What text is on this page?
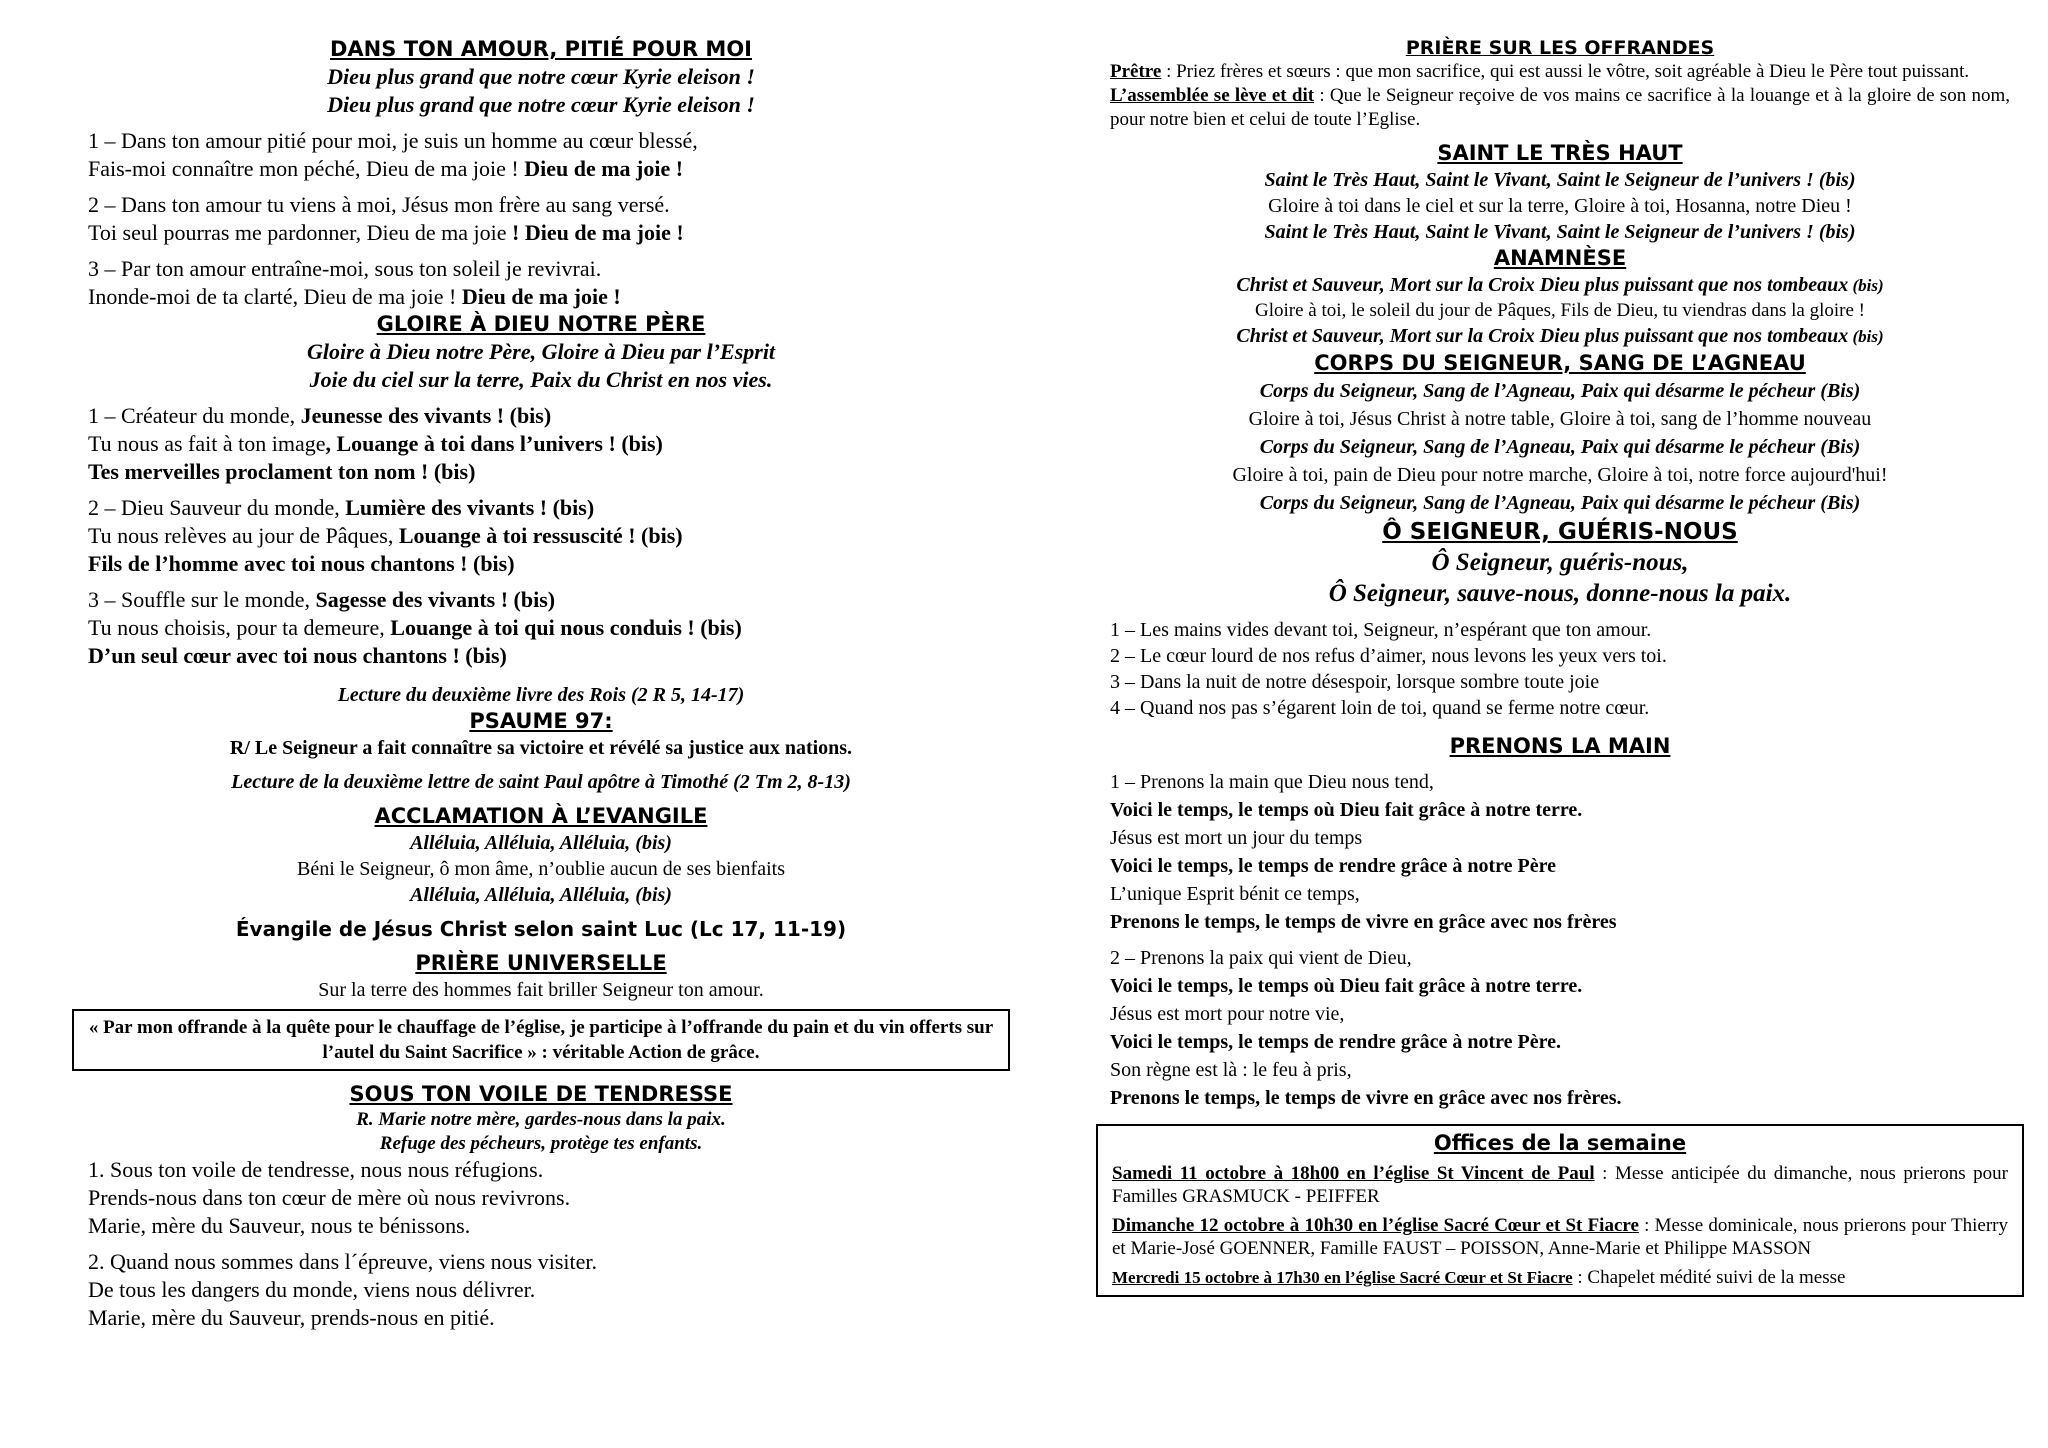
DANS TON AMOUR, PITIÉ POUR MOI
Dieu plus grand que notre cœur Kyrie eleison !
Dieu plus grand que notre cœur Kyrie eleison !
1 – Dans ton amour pitié pour moi, je suis un homme au cœur blessé,
Fais-moi connaître mon péché, Dieu de ma joie ! Dieu de ma joie !
2 – Dans ton amour tu viens à moi, Jésus mon frère au sang versé.
Toi seul pourras me pardonner, Dieu de ma joie ! Dieu de ma joie !
3 – Par ton amour entraîne-moi, sous ton soleil je revivrai.
Inonde-moi de ta clarté, Dieu de ma joie ! Dieu de ma joie !
GLOIRE À DIEU NOTRE PÈRE
Gloire à Dieu notre Père, Gloire à Dieu par l’Esprit
Joie du ciel sur la terre, Paix du Christ en nos vies.
1 – Créateur du monde, Jeunesse des vivants ! (bis)
Tu nous as fait à ton image, Louange à toi dans l’univers ! (bis)
Tes merveilles proclament ton nom ! (bis)
2 – Dieu Sauveur du monde, Lumière des vivants ! (bis)
Tu nous relèves au jour de Pâques, Louange à toi ressuscité ! (bis)
Fils de l’homme avec toi nous chantons ! (bis)
3 – Souffle sur le monde, Sagesse des vivants ! (bis)
Tu nous choisis, pour ta demeure, Louange à toi qui nous conduis ! (bis)
D’un seul cœur avec toi nous chantons ! (bis)
Lecture du deuxième livre des Rois (2 R 5, 14-17)
PSAUME 97:
R/ Le Seigneur a fait connaître sa victoire et révélé sa justice aux nations.
Lecture de la deuxième lettre de saint Paul apôtre à Timothé (2 Tm 2, 8-13)
ACCLAMATION À L’EVANGILE
Alléluia, Alléluia, Alléluia, (bis)
Béni le Seigneur, ô mon âme, n’oublie aucun de ses bienfaits
Alléluia, Alléluia, Alléluia, (bis)
Évangile de Jésus Christ selon saint Luc (Lc 17, 11-19)
PRIÈRE UNIVERSELLE
Sur la terre des hommes fait briller Seigneur ton amour.
« Par mon offrande à la quête pour le chauffage de l’église, je participe à l’offrande du pain et du vin offerts sur l’autel du Saint Sacrifice » : véritable Action de grâce.
SOUS TON VOILE DE TENDRESSE
R. Marie notre mère, gardes-nous dans la paix.
Refuge des pécheurs, protège tes enfants.
1. Sous ton voile de tendresse, nous nous réfugions.
Prends-nous dans ton cœur de mère où nous revivrons.
Marie, mère du Sauveur, nous te bénissons.
2. Quand nous sommes dans l´épreuve, viens nous visiter.
De tous les dangers du monde, viens nous délivrer.
Marie, mère du Sauveur, prends-nous en pitié.
PRIÈRE SUR LES OFFRANDES
Prêtre : Priez frères et sœurs : que mon sacrifice, qui est aussi le vôtre, soit agréable à Dieu le Père tout puissant.
L’assemblée se lève et dit : Que le Seigneur reçoive de vos mains ce sacrifice à la louange et à la gloire de son nom, pour notre bien et celui de toute l’Eglise.
SAINT LE TRÈS HAUT
Saint le Très Haut, Saint le Vivant, Saint le Seigneur de l’univers ! (bis)
Gloire à toi dans le ciel et sur la terre, Gloire à toi, Hosanna, notre Dieu !
Saint le Très Haut, Saint le Vivant, Saint le Seigneur de l’univers ! (bis)
ANAMNÈSE
Christ et Sauveur, Mort sur la Croix Dieu plus puissant que nos tombeaux (bis)
Gloire à toi, le soleil du jour de Pâques, Fils de Dieu, tu viendras dans la gloire !
Christ et Sauveur, Mort sur la Croix Dieu plus puissant que nos tombeaux (bis)
CORPS DU SEIGNEUR, SANG DE L’AGNEAU
Corps du Seigneur, Sang de l’Agneau, Paix qui désarme le pécheur (Bis)
Gloire à toi, Jésus Christ à notre table, Gloire à toi, sang de l’homme nouveau
Corps du Seigneur, Sang de l’Agneau, Paix qui désarme le pécheur (Bis)
Gloire à toi, pain de Dieu pour notre marche, Gloire à toi, notre force aujourd'hui!
Corps du Seigneur, Sang de l’Agneau, Paix qui désarme le pécheur (Bis)
Ô SEIGNEUR, GUÉRIS-NOUS
Ô Seigneur, guéris-nous,
Ô Seigneur, sauve-nous, donne-nous la paix.
1 – Les mains vides devant toi, Seigneur, n’espérant que ton amour.
2 – Le cœur lourd de nos refus d’aimer, nous levons les yeux vers toi.
3 – Dans la nuit de notre désespoir, lorsque sombre toute joie
4 – Quand nos pas s’égarent loin de toi, quand se ferme notre cœur.
PRENONS LA MAIN
1 – Prenons la main que Dieu nous tend,
Voici le temps, le temps où Dieu fait grâce à notre terre.
Jésus est mort un jour du temps
Voici le temps, le temps de rendre grâce à notre Père
L’unique Esprit bénit ce temps,
Prenons le temps, le temps de vivre en grâce avec nos frères
2 – Prenons la paix qui vient de Dieu,
Voici le temps, le temps où Dieu fait grâce à notre terre.
Jésus est mort pour notre vie,
Voici le temps, le temps de rendre grâce à notre Père.
Son règne est là : le feu à pris,
Prenons le temps, le temps de vivre en grâce avec nos frères.
Offices de la semaine
Samedi 11 octobre à 18h00 en l’église St Vincent de Paul : Messe anticipée du dimanche, nous prierons pour Familles GRASMUCK - PEIFFER
Dimanche 12 octobre à 10h30 en l’église Sacré Cœur et St Fiacre : Messe dominicale, nous prierons pour Thierry et Marie-José GOENNER, Famille FAUST – POISSON, Anne-Marie et Philippe MASSON
Mercredi 15 octobre à 17h30 en l’église Sacré Cœur et St Fiacre : Chapelet médité suivi de la messe
